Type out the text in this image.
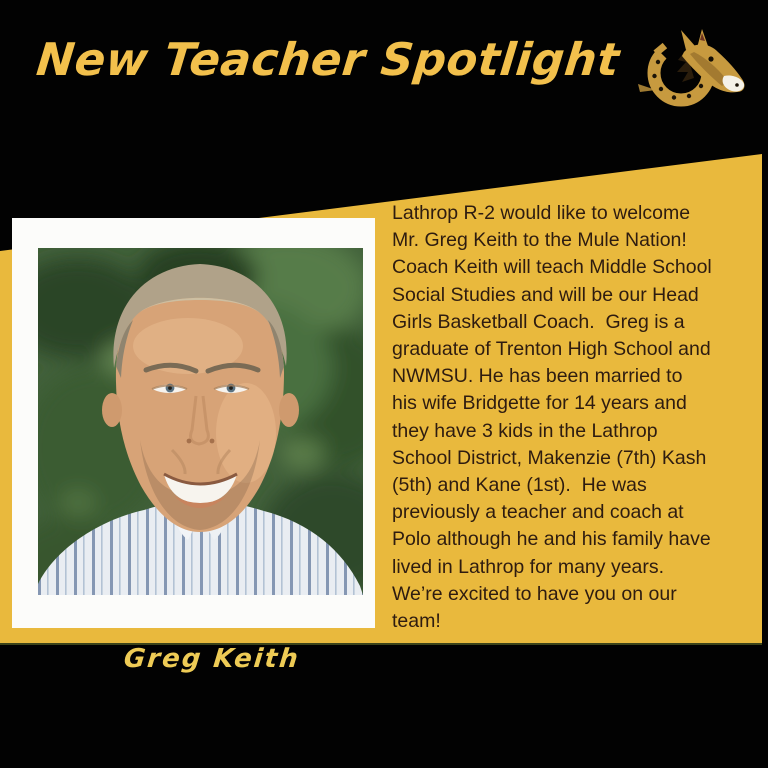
New Teacher Spotlight
Lathrop R-2 would like to welcome
Mr. Greg Keith to the Mule Nation!
Coach Keith will teach Middle School
Social Studies and will be our Head
Girls Basketball Coach.  Greg is a
graduate of Trenton High School and
NWMSU. He has been married to
his wife Bridgette for 14 years and
they have 3 kids in the Lathrop
School District, Makenzie (7th) Kash
(5th) and Kane (1st).  He was
previously a teacher and coach at
Polo although he and his family have
lived in Lathrop for many years.
We’re excited to have you on our
team!
Greg Keith
